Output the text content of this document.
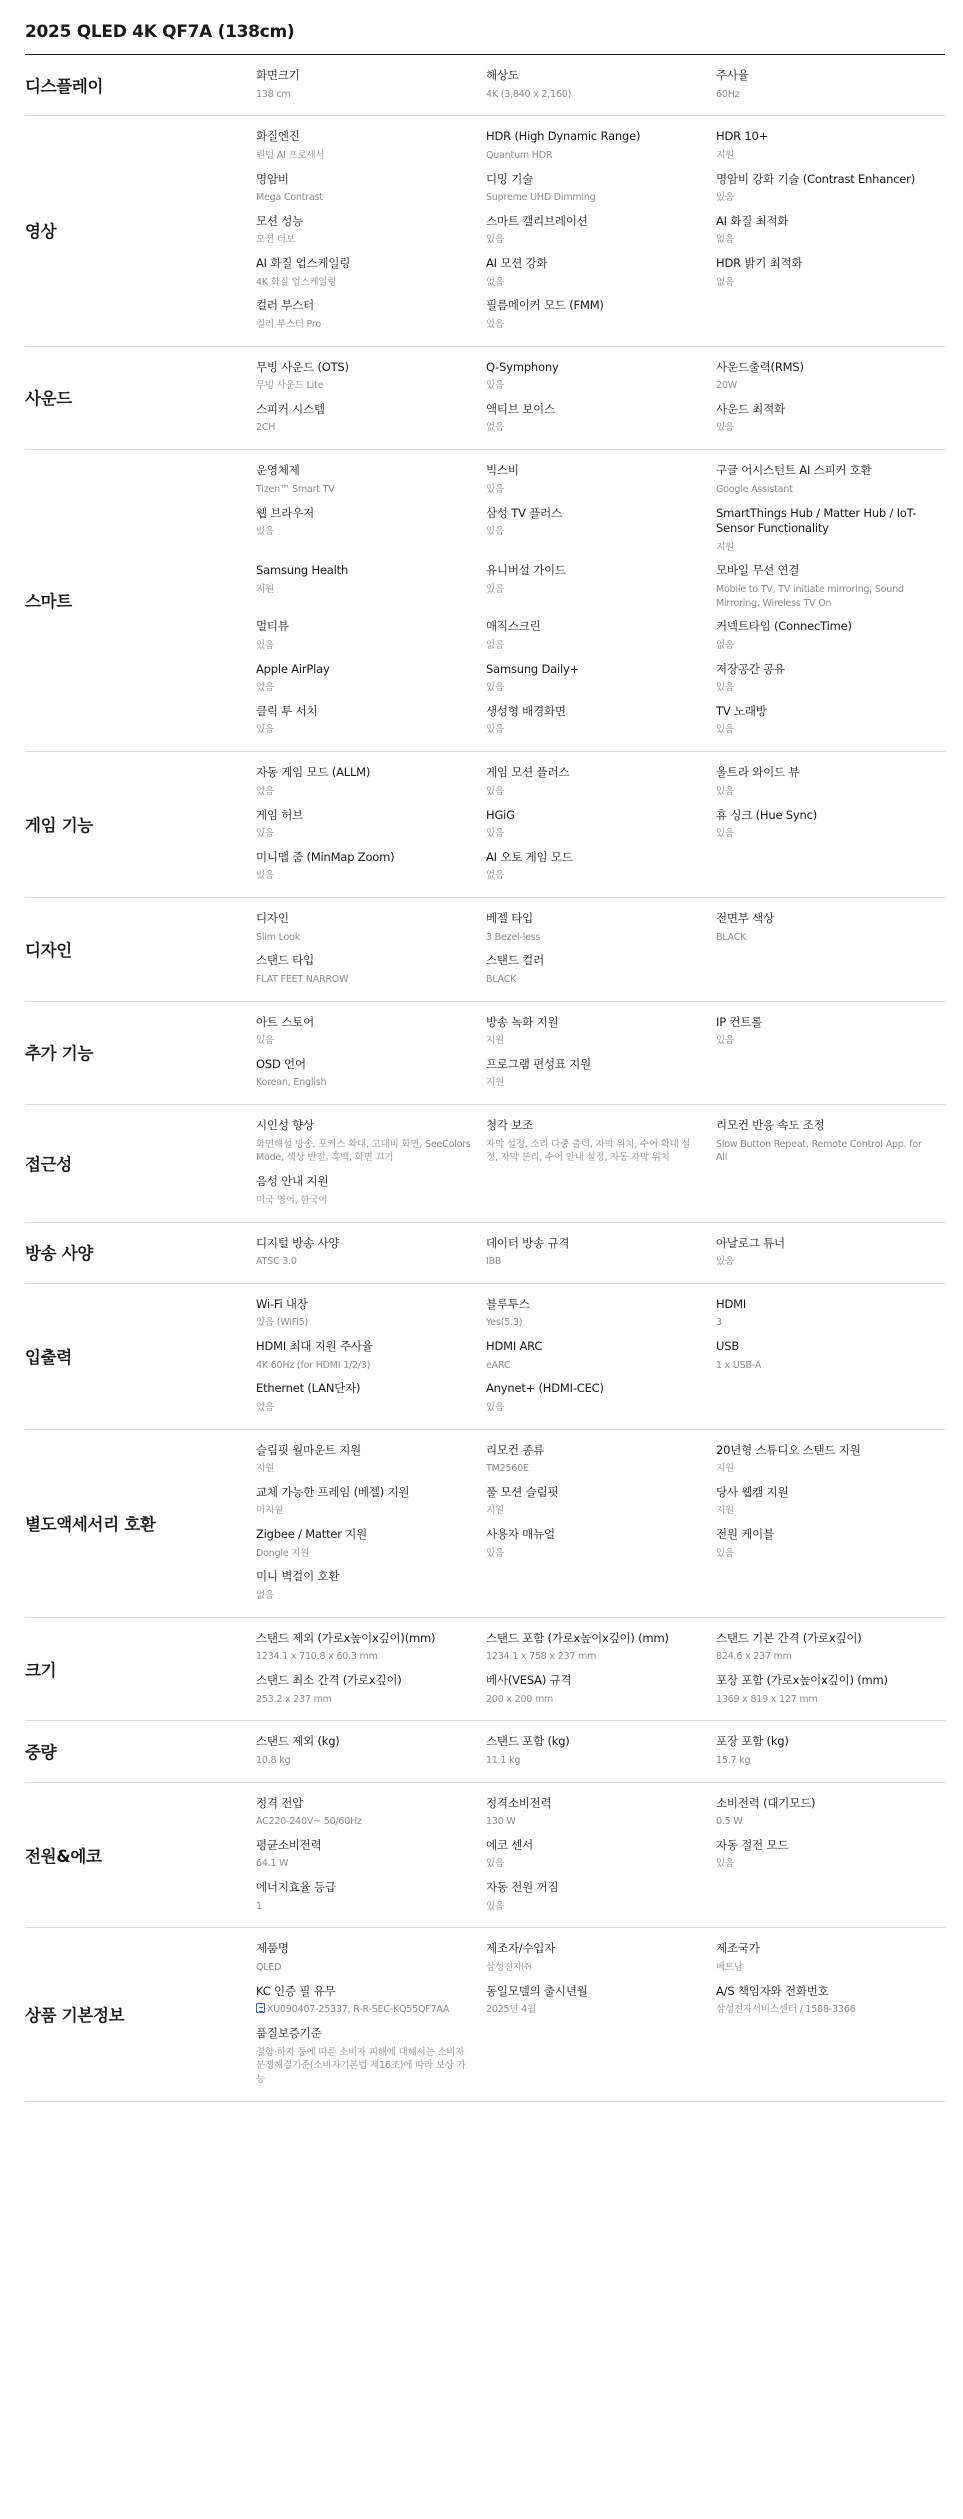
2025 QLED 4K QF7A (138cm)
디스플레이
화면크기
138 cm
해상도
4K (3,840 x 2,160)
주사율
60Hz
영상
화질엔진
퀀텀 AI 프로세서
HDR (High Dynamic Range)
Quantum HDR
HDR 10+
지원
명암비
Mega Contrast
디밍 기술
Supreme UHD Dimming
명암비 강화 기술 (Contrast Enhancer)
있음
모션 성능
모션 터보
스마트 캘리브레이션
있음
AI 화질 최적화
없음
AI 화질 업스케일링
4K 화질 업스케일링
AI 모션 강화
없음
HDR 밝기 최적화
없음
컬러 부스터
컬러 부스터 Pro
필름메이커 모드 (FMM)
있음
사운드
무빙 사운드 (OTS)
무빙 사운드 Lite
Q-Symphony
있음
사운드출력(RMS)
20W
스피커 시스템
2CH
액티브 보이스
없음
사운드 최적화
있음
스마트
운영체제
Tizen™ Smart TV
빅스비
있음
구글 어시스턴트 AI 스피커 호환
Google Assistant
웹 브라우저
있음
삼성 TV 플러스
있음
SmartThings Hub / Matter Hub / IoT-Sensor Functionality
지원
Samsung Health
지원
유니버설 가이드
있음
모바일 무선 연결
Mobile to TV, TV initiate mirroring, Sound Mirroring, Wireless TV On
멀티뷰
있음
매직스크린
없음
커넥트타임 (ConnecTime)
없음
Apple AirPlay
있음
Samsung Daily+
있음
저장공간 공유
있음
클릭 투 서치
있음
생성형 배경화면
있음
TV 노래방
있음
게임 기능
자동 게임 모드 (ALLM)
있음
게임 모션 플러스
있음
울트라 와이드 뷰
있음
게임 허브
있음
HGiG
있음
휴 싱크 (Hue Sync)
있음
미니맵 줌 (MinMap Zoom)
있음
AI 오토 게임 모드
없음
디자인
디자인
Slim Look
베젤 타입
3 Bezel-less
전면부 색상
BLACK
스탠드 타입
FLAT FEET NARROW
스탠드 컬러
BLACK
추가 기능
아트 스토어
있음
방송 녹화 지원
지원
IP 컨트롤
있음
OSD 언어
Korean, English
프로그램 편성표 지원
지원
접근성
시인성 향상
화면해설 방송, 포커스 확대, 고대비 화면, SeeColors Mode, 색상 반전, 흑백, 화면 끄기
청각 보조
자막 설정, 소리 다중 출력, 자막 위치, 수어 확대 설정, 자막 분리, 수어 안내 설정, 자동 자막 위치
리모컨 반응 속도 조정
Slow Button Repeat, Remote Control App. for All
음성 안내 지원
미국 영어, 한국어
방송 사양
디지털 방송 사양
ATSC 3.0
데이터 방송 규격
IBB
아날로그 튜너
있음
입출력
Wi-Fi 내장
있음 (WiFi5)
블루투스
Yes(5.3)
HDMI
3
HDMI 최대 지원 주사율
4K 60Hz (for HDMI 1/2/3)
HDMI ARC
eARC
USB
1 x USB-A
Ethernet (LAN단자)
있음
Anynet+ (HDMI-CEC)
있음
별도액세서리 호환
슬림핏 월마운트 지원
지원
리모컨 종류
TM2560E
20년형 스튜디오 스탠드 지원
지원
교체 가능한 프레임 (베젤) 지원
미지원
풀 모션 슬림핏
지원
당사 웹캠 지원
지원
Zigbee / Matter 지원
Dongle 지원
사용자 매뉴얼
있음
전원 케이블
있음
미니 벽걸이 호환
없음
크기
스탠드 제외 (가로x높이x깊이)(mm)
1234.1 x 710.8 x 60.3 mm
스탠드 포함 (가로x높이x깊이) (mm)
1234.1 x 758 x 237 mm
스탠드 기본 간격 (가로x깊이)
824.6 x 237 mm
스탠드 최소 간격 (가로x깊이)
253.2 x 237 mm
베사(VESA) 규격
200 x 200 mm
포장 포함 (가로x높이x깊이) (mm)
1369 x 819 x 127 mm
중량
스탠드 제외 (kg)
10.8 kg
스탠드 포함 (kg)
11.1 kg
포장 포함 (kg)
15.7 kg
전원&에코
정격 전압
AC220-240V~ 50/60Hz
정격소비전력
130 W
소비전력 (대기모드)
0.5 W
평균소비전력
64.1 W
에코 센서
있음
자동 절전 모드
있음
에너지효율 등급
1
자동 전원 꺼짐
있음
상품 기본정보
제품명
QLED
제조자/수입자
삼성전자㈜
제조국가
베트남
KC 인증 필 유무
XU090407-25337, R-R-SEC-KQ55QF7AA
동일모델의 출시년월
2025년 4월
A/S 책임자와 전화번호
삼성전자서비스센터 / 1588-3366
품질보증기준
결함·하자 등에 따른 소비자 피해에 대해서는 소비자분쟁해결기준(소비자기본법 제16조)에 따라 보상 가능
